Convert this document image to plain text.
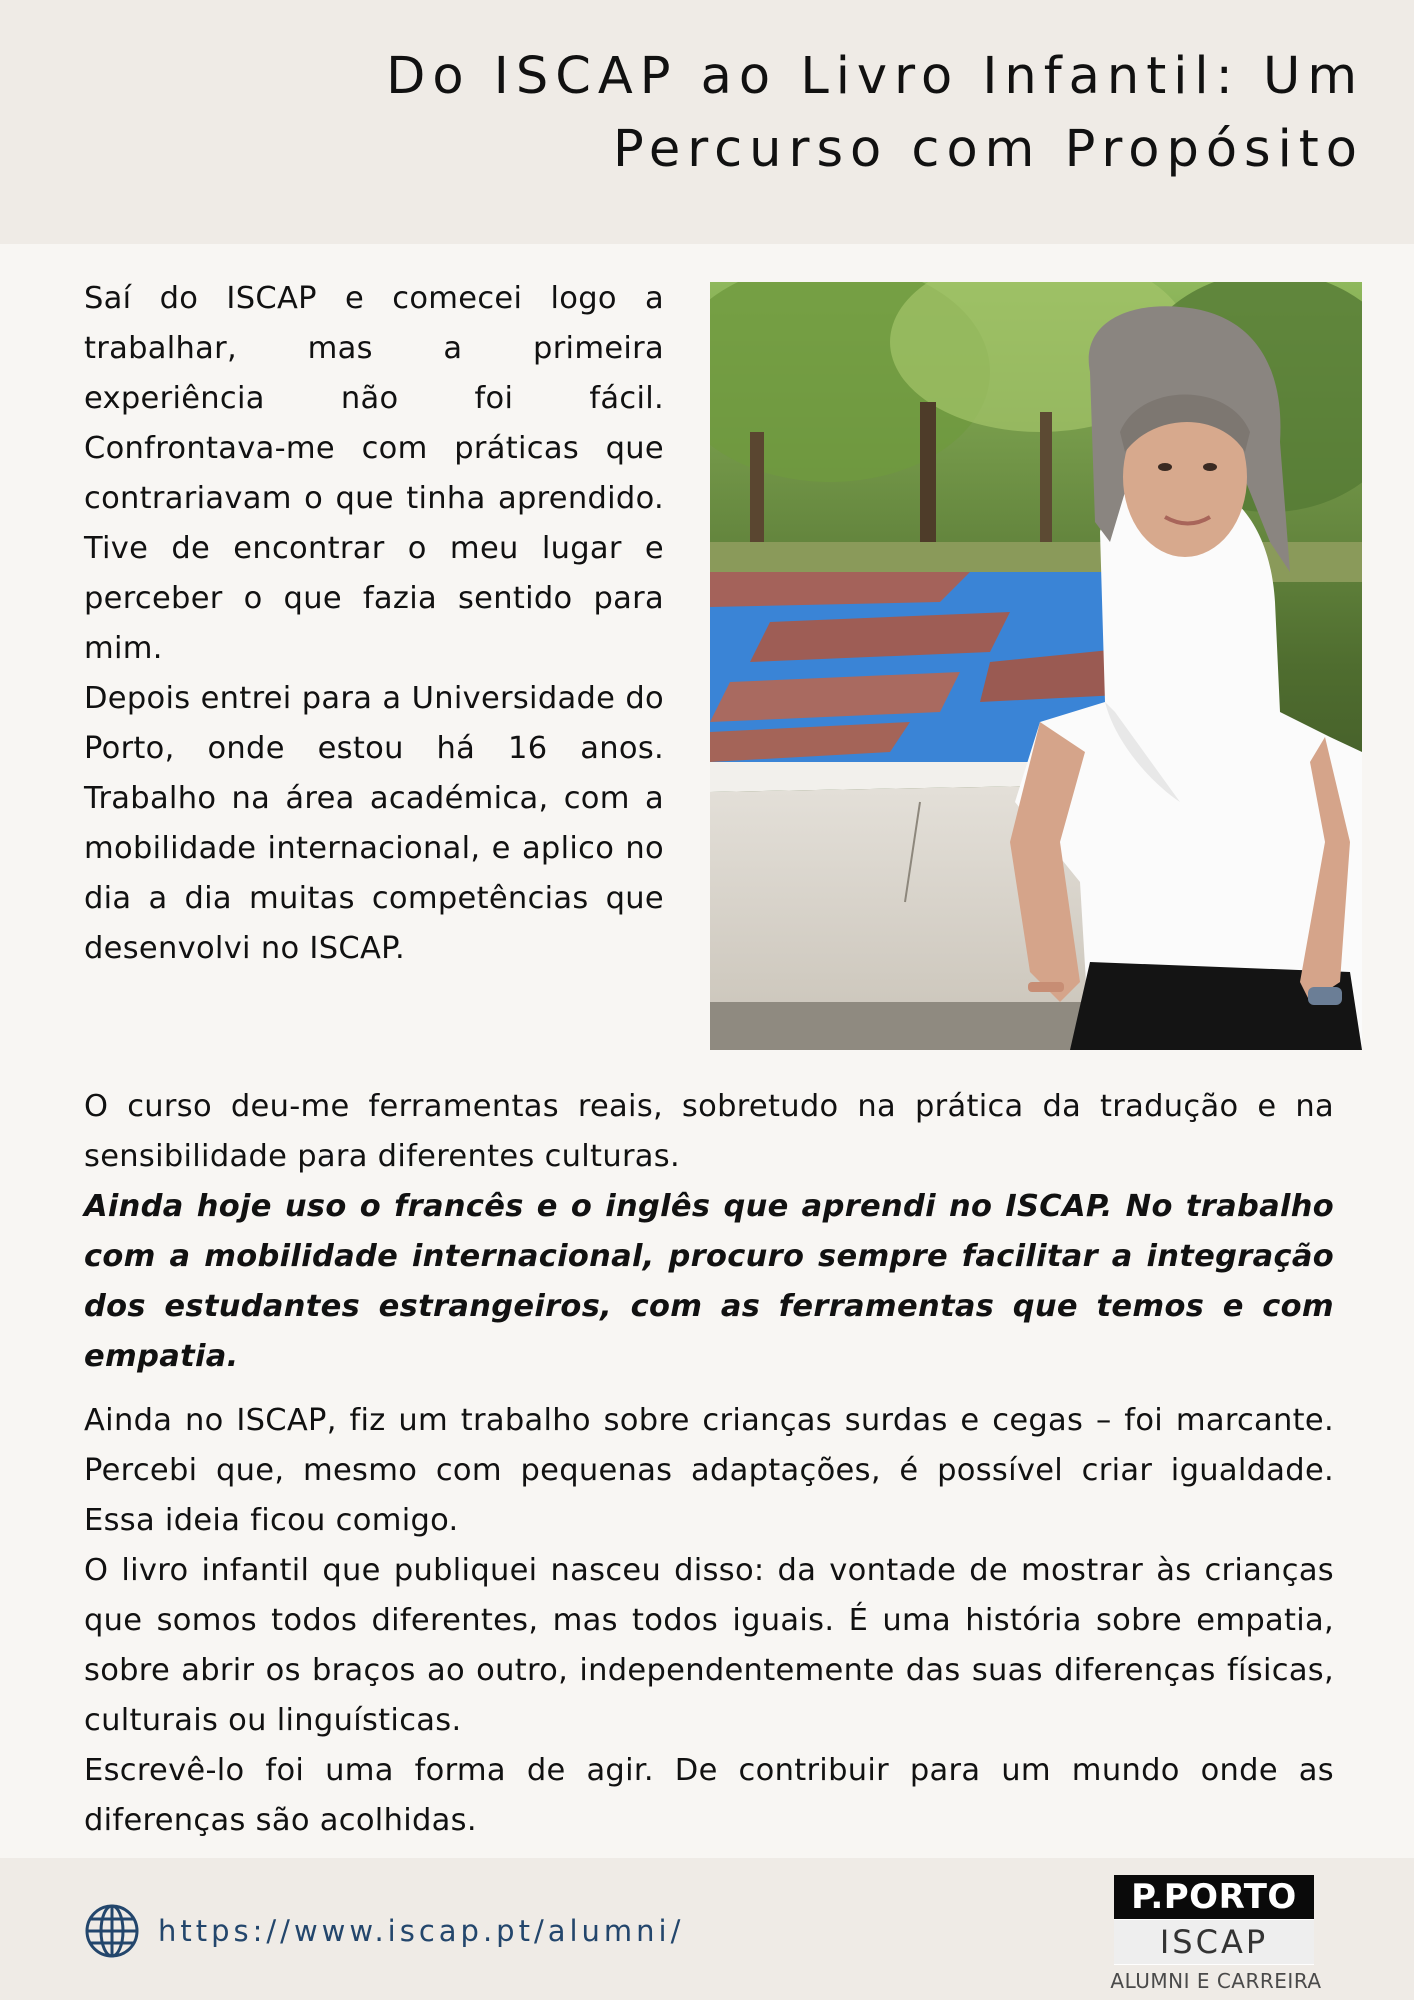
Do ISCAP ao Livro Infantil: Um
Percurso com Propósito

Saí do ISCAP e comecei logo a trabalhar, mas a primeira experiência não foi fácil. Confrontava-me com práticas que contrariavam o que tinha aprendido. Tive de encontrar o meu lugar e perceber o que fazia sentido para mim.

Depois entrei para a Universidade do Porto, onde estou há 16 anos. Trabalho na área académica, com a mobilidade internacional, e aplico no dia a dia muitas competências que desenvolvi no ISCAP.

O curso deu-me ferramentas reais, sobretudo na prática da tradução e na sensibilidade para diferentes culturas.

Ainda hoje uso o francês e o inglês que aprendi no ISCAP. No trabalho com a mobilidade internacional, procuro sempre facilitar a integração dos estudantes estrangeiros, com as ferramentas que temos e com empatia.

Ainda no ISCAP, fiz um trabalho sobre crianças surdas e cegas – foi marcante. Percebi que, mesmo com pequenas adaptações, é possível criar igualdade. Essa ideia ficou comigo.

O livro infantil que publiquei nasceu disso: da vontade de mostrar às crianças que somos todos diferentes, mas todos iguais. É uma história sobre empatia, sobre abrir os braços ao outro, independentemente das suas diferenças físicas, culturais ou linguísticas.

Escrevê-lo foi uma forma de agir. De contribuir para um mundo onde as diferenças são acolhidas.

https://www.iscap.pt/alumni/
P.PORTO
ISCAP
ALUMNI E CARREIRA
